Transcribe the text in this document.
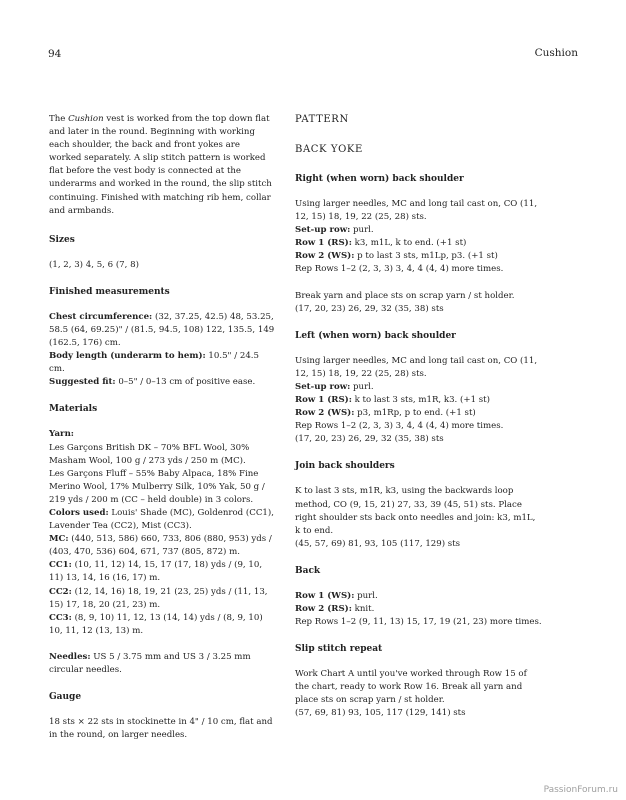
94	Cushion

The Cushion vest is worked from the top down flat and later in the round. Beginning with working each shoulder, the back and front yokes are worked separately. A slip stitch pattern is worked flat before the vest body is connected at the underarms and worked in the round, the slip stitch continuing. Finished with matching rib hem, collar and armbands.

Sizes

(1, 2, 3) 4, 5, 6 (7, 8)

Finished measurements

Chest circumference: (32, 37.25, 42.5) 48, 53.25, 58.5 (64, 69.25)" / (81.5, 94.5, 108) 122, 135.5, 149 (162.5, 176) cm.
Body length (underarm to hem): 10.5" / 24.5 cm.
Suggested fit: 0–5" / 0–13 cm of positive ease.

Materials

Yarn:
Les Garçons British DK – 70% BFL Wool, 30% Masham Wool, 100 g / 273 yds / 250 m (MC).
Les Garçons Fluff – 55% Baby Alpaca, 18% Fine Merino Wool, 17% Mulberry Silk, 10% Yak, 50 g / 219 yds / 200 m (CC – held double) in 3 colors.
Colors used: Louis' Shade (MC), Goldenrod (CC1), Lavender Tea (CC2), Mist (CC3).
MC: (440, 513, 586) 660, 733, 806 (880, 953) yds / (403, 470, 536) 604, 671, 737 (805, 872) m.
CC1: (10, 11, 12) 14, 15, 17 (17, 18) yds / (9, 10, 11) 13, 14, 16 (16, 17) m.
CC2: (12, 14, 16) 18, 19, 21 (23, 25) yds / (11, 13, 15) 17, 18, 20 (21, 23) m.
CC3: (8, 9, 10) 11, 12, 13 (14, 14) yds / (8, 9, 10) 10, 11, 12 (13, 13) m.

Needles: US 5 / 3.75 mm and US 3 / 3.25 mm circular needles.

Gauge

18 sts × 22 sts in stockinette in 4" / 10 cm, flat and in the round, on larger needles.

PATTERN
BACK YOKE
Right (when worn) back shoulder

Using larger needles, MC and long tail cast on, CO (11, 12, 15) 18, 19, 22 (25, 28) sts.
Set-up row: purl.
Row 1 (RS): k3, m1L, k to end. (+1 st)
Row 2 (WS): p to last 3 sts, m1Lp, p3. (+1 st)
Rep Rows 1–2 (2, 3, 3) 3, 4, 4 (4, 4) more times.

Break yarn and place sts on scrap yarn / st holder.
(17, 20, 23) 26, 29, 32 (35, 38) sts

Left (when worn) back shoulder

Using larger needles, MC and long tail cast on, CO (11, 12, 15) 18, 19, 22 (25, 28) sts.
Set-up row: purl.
Row 1 (RS): k to last 3 sts, m1R, k3. (+1 st)
Row 2 (WS): p3, m1Rp, p to end. (+1 st)
Rep Rows 1–2 (2, 3, 3) 3, 4, 4 (4, 4) more times.
(17, 20, 23) 26, 29, 32 (35, 38) sts

Join back shoulders

K to last 3 sts, m1R, k3, using the backwards loop method, CO (9, 15, 21) 27, 33, 39 (45, 51) sts. Place right shoulder sts back onto needles and join: k3, m1L, k to end.
(45, 57, 69) 81, 93, 105 (117, 129) sts

Back

Row 1 (WS): purl.
Row 2 (RS): knit.
Rep Rows 1–2 (9, 11, 13) 15, 17, 19 (21, 23) more times.

Slip stitch repeat

Work Chart A until you've worked through Row 15 of the chart, ready to work Row 16. Break all yarn and place sts on scrap yarn / st holder.
(57, 69, 81) 93, 105, 117 (129, 141) sts

PassionForum.ru
